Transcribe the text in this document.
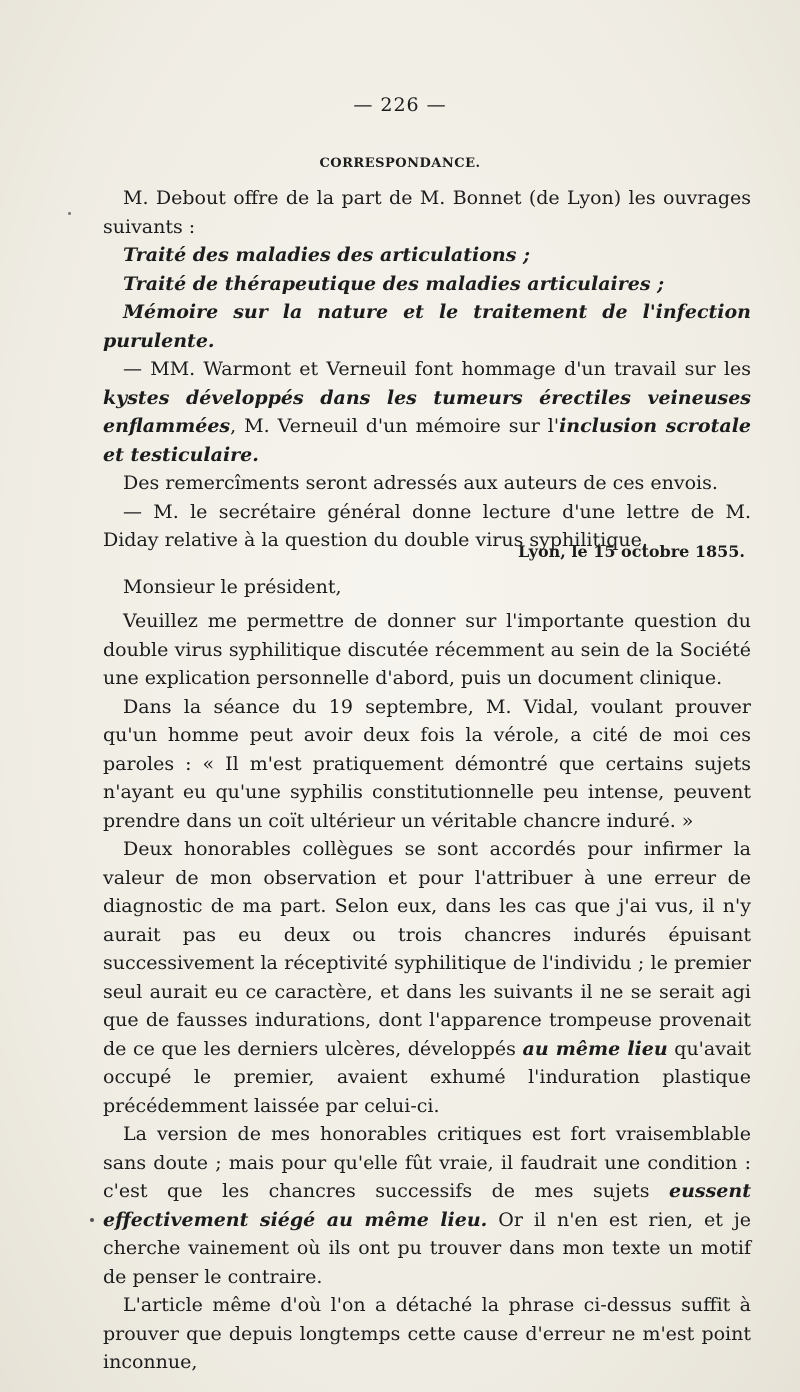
— 226 —
CORRESPONDANCE.

M. Debout offre de la part de M. Bonnet (de Lyon) les ouvrages suivants :

Traité des maladies des articulations ;

Traité de thérapeutique des maladies articulaires ;

Mémoire sur la nature et le traitement de l'infection purulente.

— MM. Warmont et Verneuil font hommage d'un travail sur les kystes développés dans les tumeurs érectiles veineuses enflammées, M. Verneuil d'un mémoire sur l'inclusion scrotale et testiculaire.

Des remercîments seront adressés aux auteurs de ces envois.

— M. le secrétaire général donne lecture d'une lettre de M. Diday relative à la question du double virus syphilitique.

Lyon, le 15 octobre 1855.

Monsieur le président,

Veuillez me permettre de donner sur l'importante question du double virus syphilitique discutée récemment au sein de la Société une explication personnelle d'abord, puis un document clinique.

Dans la séance du 19 septembre, M. Vidal, voulant prouver qu'un homme peut avoir deux fois la vérole, a cité de moi ces paroles : « Il m'est pratiquement démontré que certains sujets n'ayant eu qu'une syphilis constitutionnelle peu intense, peuvent prendre dans un coït ultérieur un véritable chancre induré. »

Deux honorables collègues se sont accordés pour infirmer la valeur de mon observation et pour l'attribuer à une erreur de diagnostic de ma part. Selon eux, dans les cas que j'ai vus, il n'y aurait pas eu deux ou trois chancres indurés épuisant successivement la réceptivité syphilitique de l'individu ; le premier seul aurait eu ce caractère, et dans les suivants il ne se serait agi que de fausses indurations, dont l'apparence trompeuse provenait de ce que les derniers ulcères, développés au même lieu qu'avait occupé le premier, avaient exhumé l'induration plastique précédemment laissée par celui-ci.

La version de mes honorables critiques est fort vraisemblable sans doute ; mais pour qu'elle fût vraie, il faudrait une condition : c'est que les chancres successifs de mes sujets eussent effectivement siégé au même lieu. Or il n'en est rien, et je cherche vainement où ils ont pu trouver dans mon texte un motif de penser le contraire.

L'article même d'où l'on a détaché la phrase ci-dessus suffit à prouver que depuis longtemps cette cause d'erreur ne m'est point inconnue,
